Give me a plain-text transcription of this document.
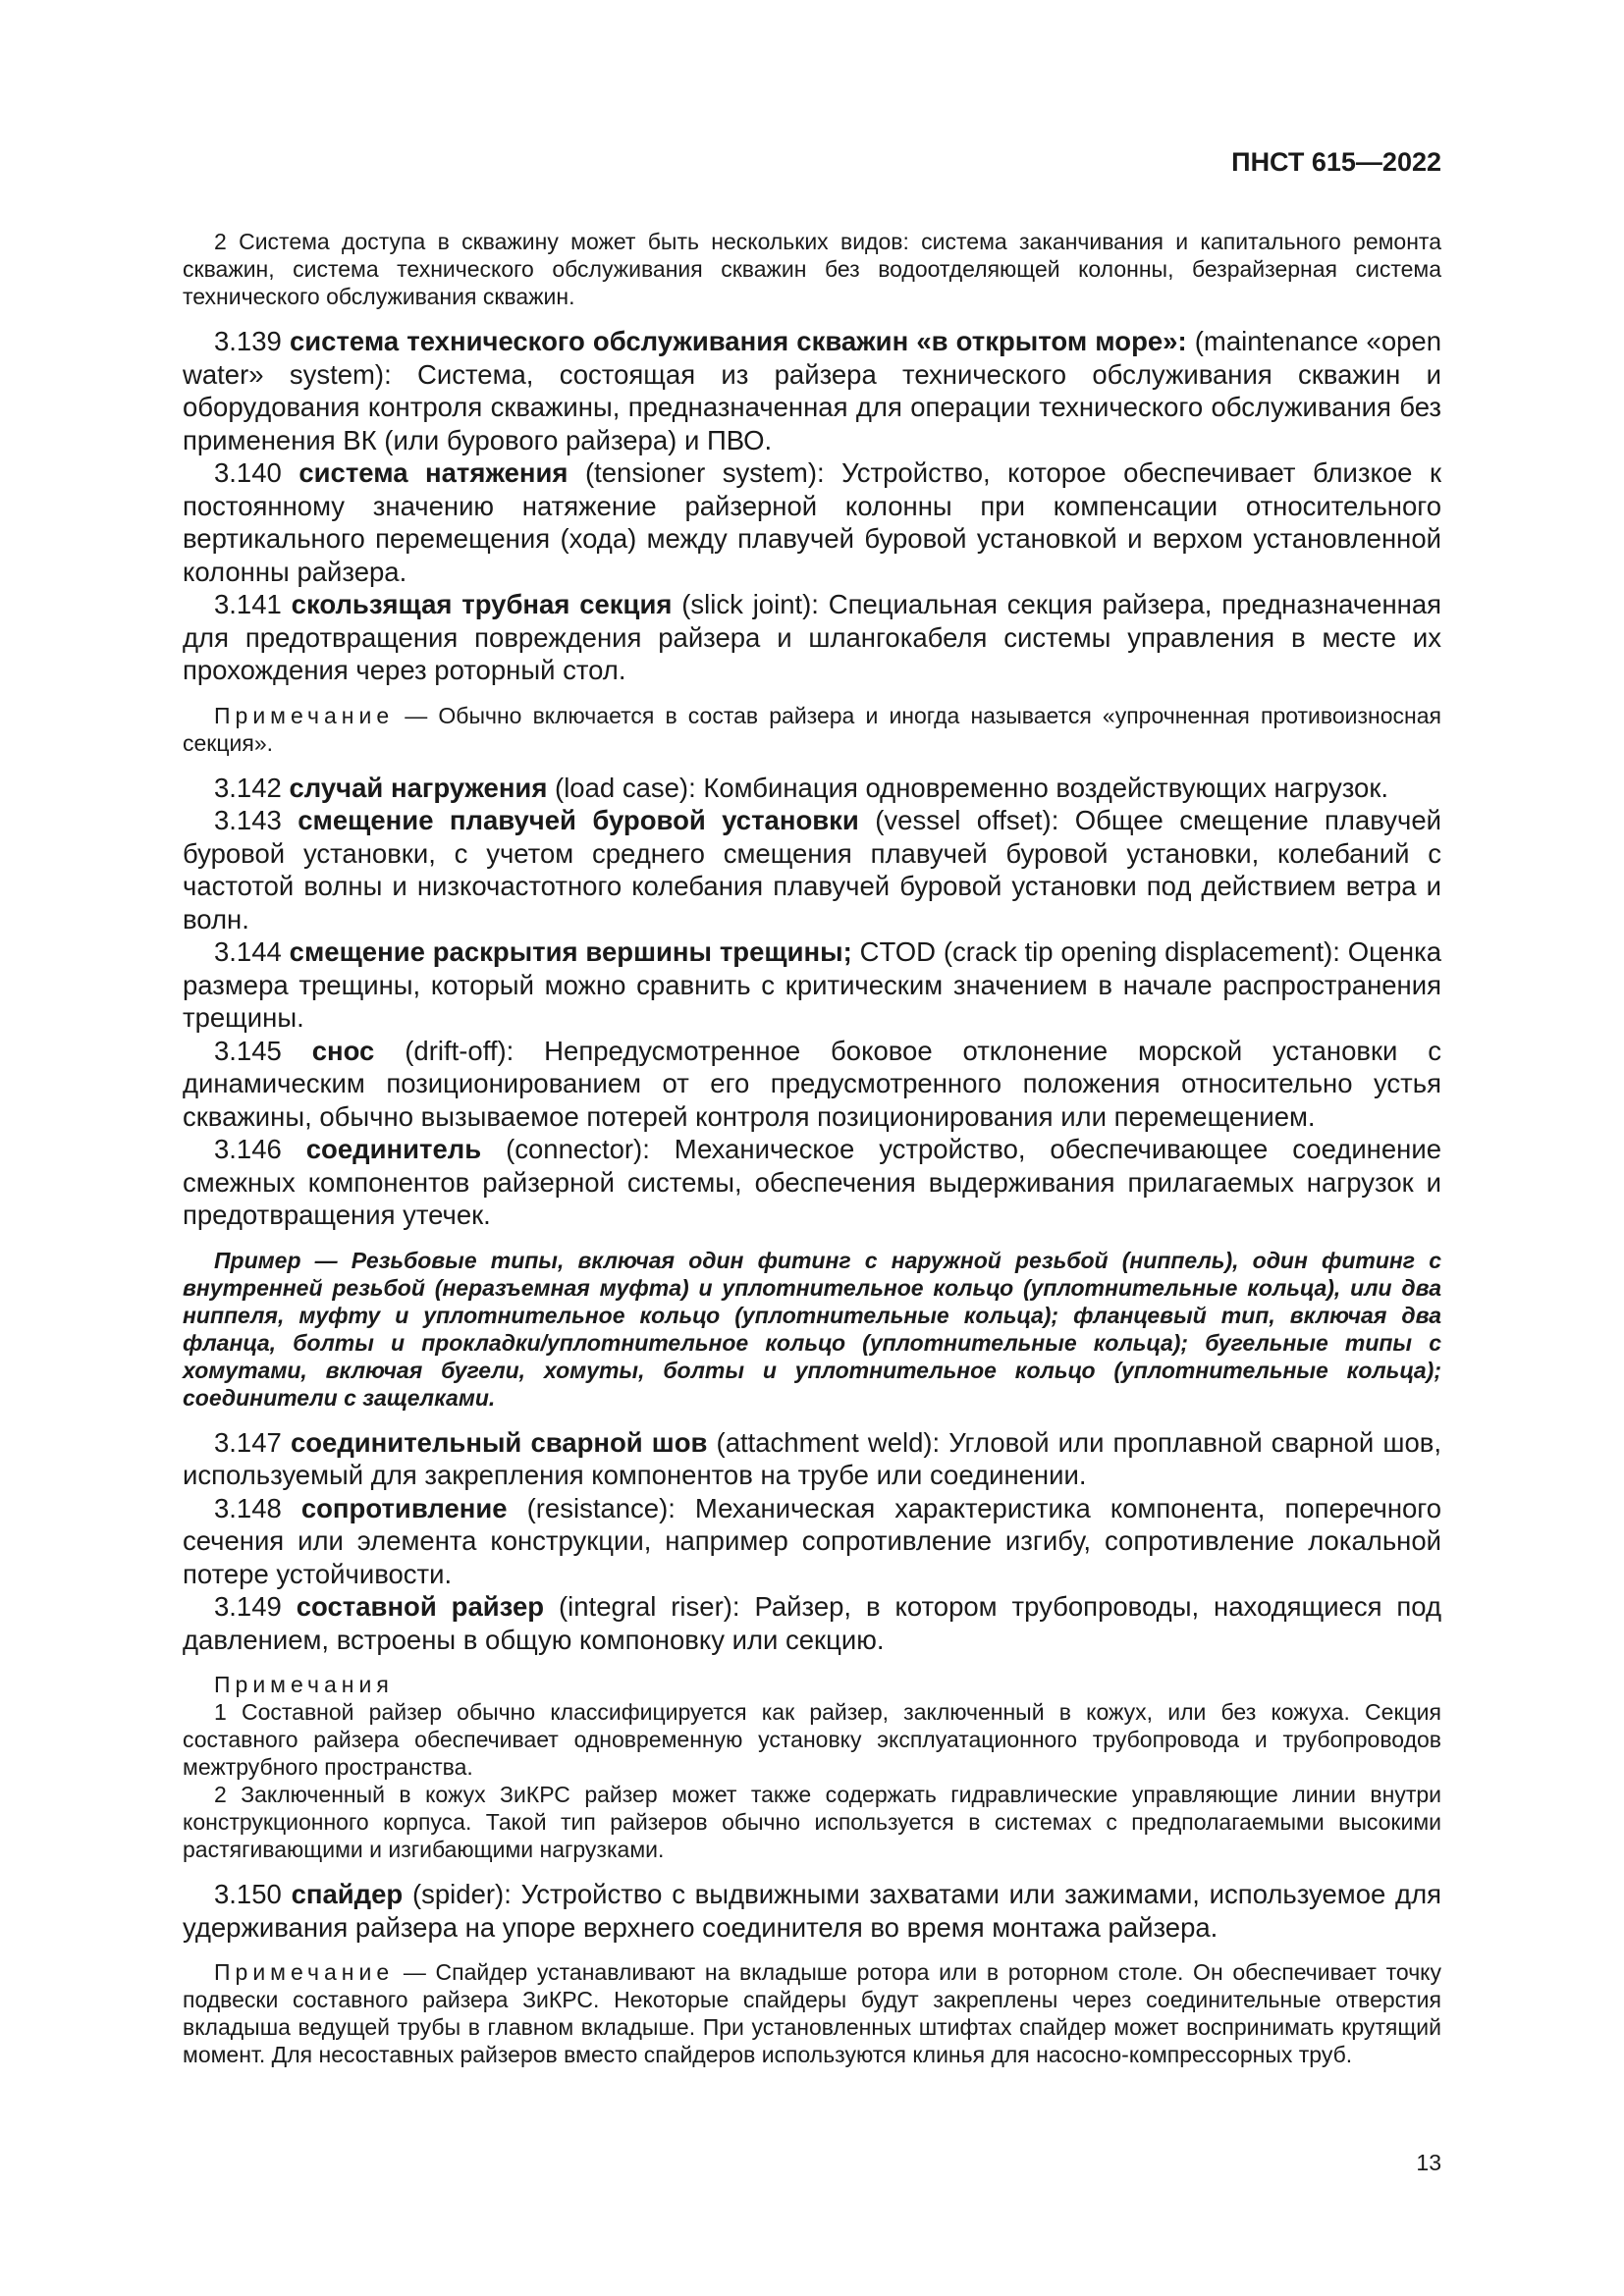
ПНСТ 615—2022

2 Система доступа в скважину может быть нескольких видов: система заканчивания и капитального ремонта скважин, система технического обслуживания скважин без водоотделяющей колонны, безрайзерная система технического обслуживания скважин.

3.139 система технического обслуживания скважин «в открытом море»: (maintenance «open water» system): Система, состоящая из райзера технического обслуживания скважин и оборудования контроля скважины, предназначенная для операции технического обслуживания без применения ВК (или бурового райзера) и ПВО.

3.140 система натяжения (tensioner system): Устройство, которое обеспечивает близкое к постоянному значению натяжение райзерной колонны при компенсации относительного вертикального перемещения (хода) между плавучей буровой установкой и верхом установленной колонны райзера.

3.141 скользящая трубная секция (slick joint): Специальная секция райзера, предназначенная для предотвращения повреждения райзера и шлангокабеля системы управления в месте их прохождения через роторный стол.

Примечание — Обычно включается в состав райзера и иногда называется «упрочненная противоизносная секция».

3.142 случай нагружения (load case): Комбинация одновременно воздействующих нагрузок.

3.143 смещение плавучей буровой установки (vessel offset): Общее смещение плавучей буровой установки, с учетом среднего смещения плавучей буровой установки, колебаний с частотой волны и низкочастотного колебания плавучей буровой установки под действием ветра и волн.

3.144 смещение раскрытия вершины трещины; CTOD (crack tip opening displacement): Оценка размера трещины, который можно сравнить с критическим значением в начале распространения трещины.

3.145 снос (drift-off): Непредусмотренное боковое отклонение морской установки с динамическим позиционированием от его предусмотренного положения относительно устья скважины, обычно вызываемое потерей контроля позиционирования или перемещением.

3.146 соединитель (connector): Механическое устройство, обеспечивающее соединение смежных компонентов райзерной системы, обеспечения выдерживания прилагаемых нагрузок и предотвращения утечек.

Пример — Резьбовые типы, включая один фитинг с наружной резьбой (ниппель), один фитинг с внутренней резьбой (неразъемная муфта) и уплотнительное кольцо (уплотнительные кольца), или два ниппеля, муфту и уплотнительное кольцо (уплотнительные кольца); фланцевый тип, включая два фланца, болты и прокладки/уплотнительное кольцо (уплотнительные кольца); бугельные типы с хомутами, включая бугели, хомуты, болты и уплотнительное кольцо (уплотнительные кольца); соединители с защелками.

3.147 соединительный сварной шов (attachment weld): Угловой или проплавной сварной шов, используемый для закрепления компонентов на трубе или соединении.

3.148 сопротивление (resistance): Механическая характеристика компонента, поперечного сечения или элемента конструкции, например сопротивление изгибу, сопротивление локальной потере устойчивости.

3.149 составной райзер (integral riser): Райзер, в котором трубопроводы, находящиеся под давлением, встроены в общую компоновку или секцию.

Примечания

1 Составной райзер обычно классифицируется как райзер, заключенный в кожух, или без кожуха. Секция составного райзера обеспечивает одновременную установку эксплуатационного трубопровода и трубопроводов межтрубного пространства.

2 Заключенный в кожух ЗиКРС райзер может также содержать гидравлические управляющие линии внутри конструкционного корпуса. Такой тип райзеров обычно используется в системах с предполагаемыми высокими растягивающими и изгибающими нагрузками.

3.150 спайдер (spider): Устройство с выдвижными захватами или зажимами, используемое для удерживания райзера на упоре верхнего соединителя во время монтажа райзера.

Примечание — Спайдер устанавливают на вкладыше ротора или в роторном столе. Он обеспечивает точку подвески составного райзера ЗиКРС. Некоторые спайдеры будут закреплены через соединительные отверстия вкладыша ведущей трубы в главном вкладыше. При установленных штифтах спайдер может воспринимать крутящий момент. Для несоставных райзеров вместо спайдеров используются клинья для насосно-компрессорных труб.

13
